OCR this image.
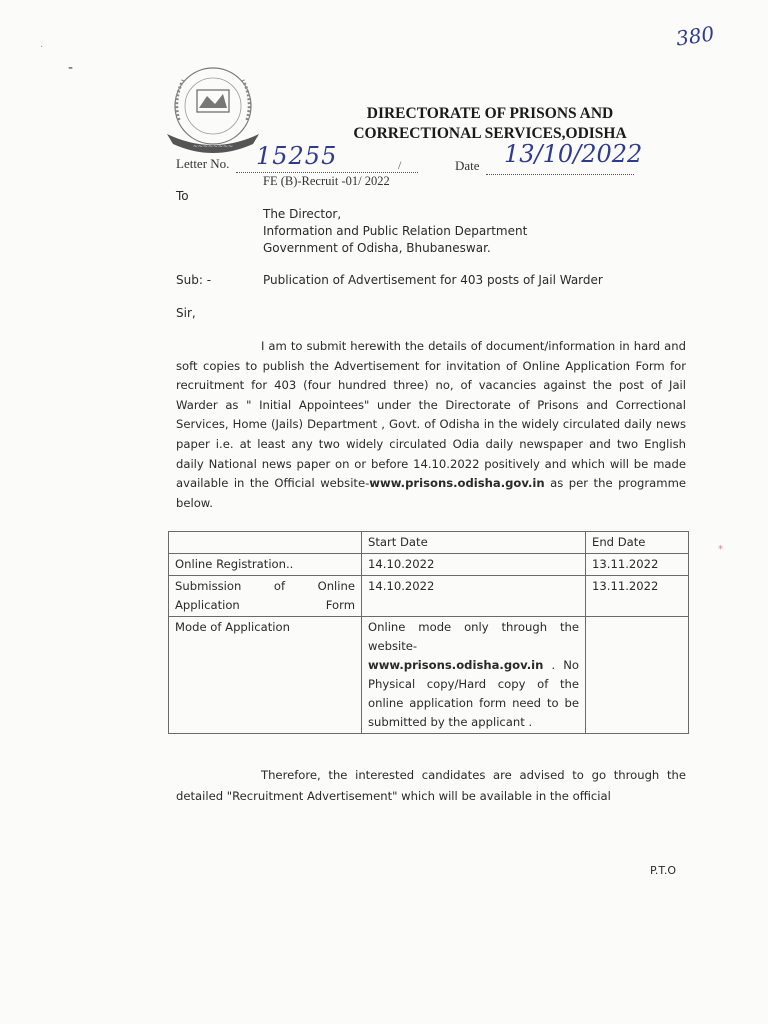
380
~~~~~~~~
DIRECTORATE OF PRISONS AND
CORRECTIONAL SERVICES,ODISHA
Letter No. 15255	/	Date 13/10/2022
FE (B)-Recruit -01/ 2022
To
The Director,
Information and Public Relation Department
Government of Odisha, Bhubaneswar.
Sub: -	Publication of Advertisement for 403 posts of Jail Warder
Sir,
I am to submit herewith the details of document/information in hard and soft copies to publish the Advertisement for invitation of Online Application Form for recruitment for 403 (four hundred three) no, of vacancies against the post of Jail Warder as " Initial Appointees" under the Directorate of Prisons and Correctional Services, Home (Jails) Department , Govt. of Odisha in the widely circulated daily news paper i.e. at least any two widely circulated Odia daily newspaper and two English daily National news paper on or before 14.10.2022 positively and which will be made available in the Official website-www.prisons.odisha.gov.in as per the programme below.
	Start Date	End Date
Online Registration..	14.10.2022	13.11.2022
Submission of Online Application Form	14.10.2022	13.11.2022
Mode of Application	Online mode only through the website-
www.prisons.odisha.gov.in . No Physical copy/Hard copy of the online application form need to be submitted by the applicant .	
Therefore, the interested candidates are advised to go through the detailed "Recruitment Advertisement" which will be available in the official
P.T.O
·
-
*
